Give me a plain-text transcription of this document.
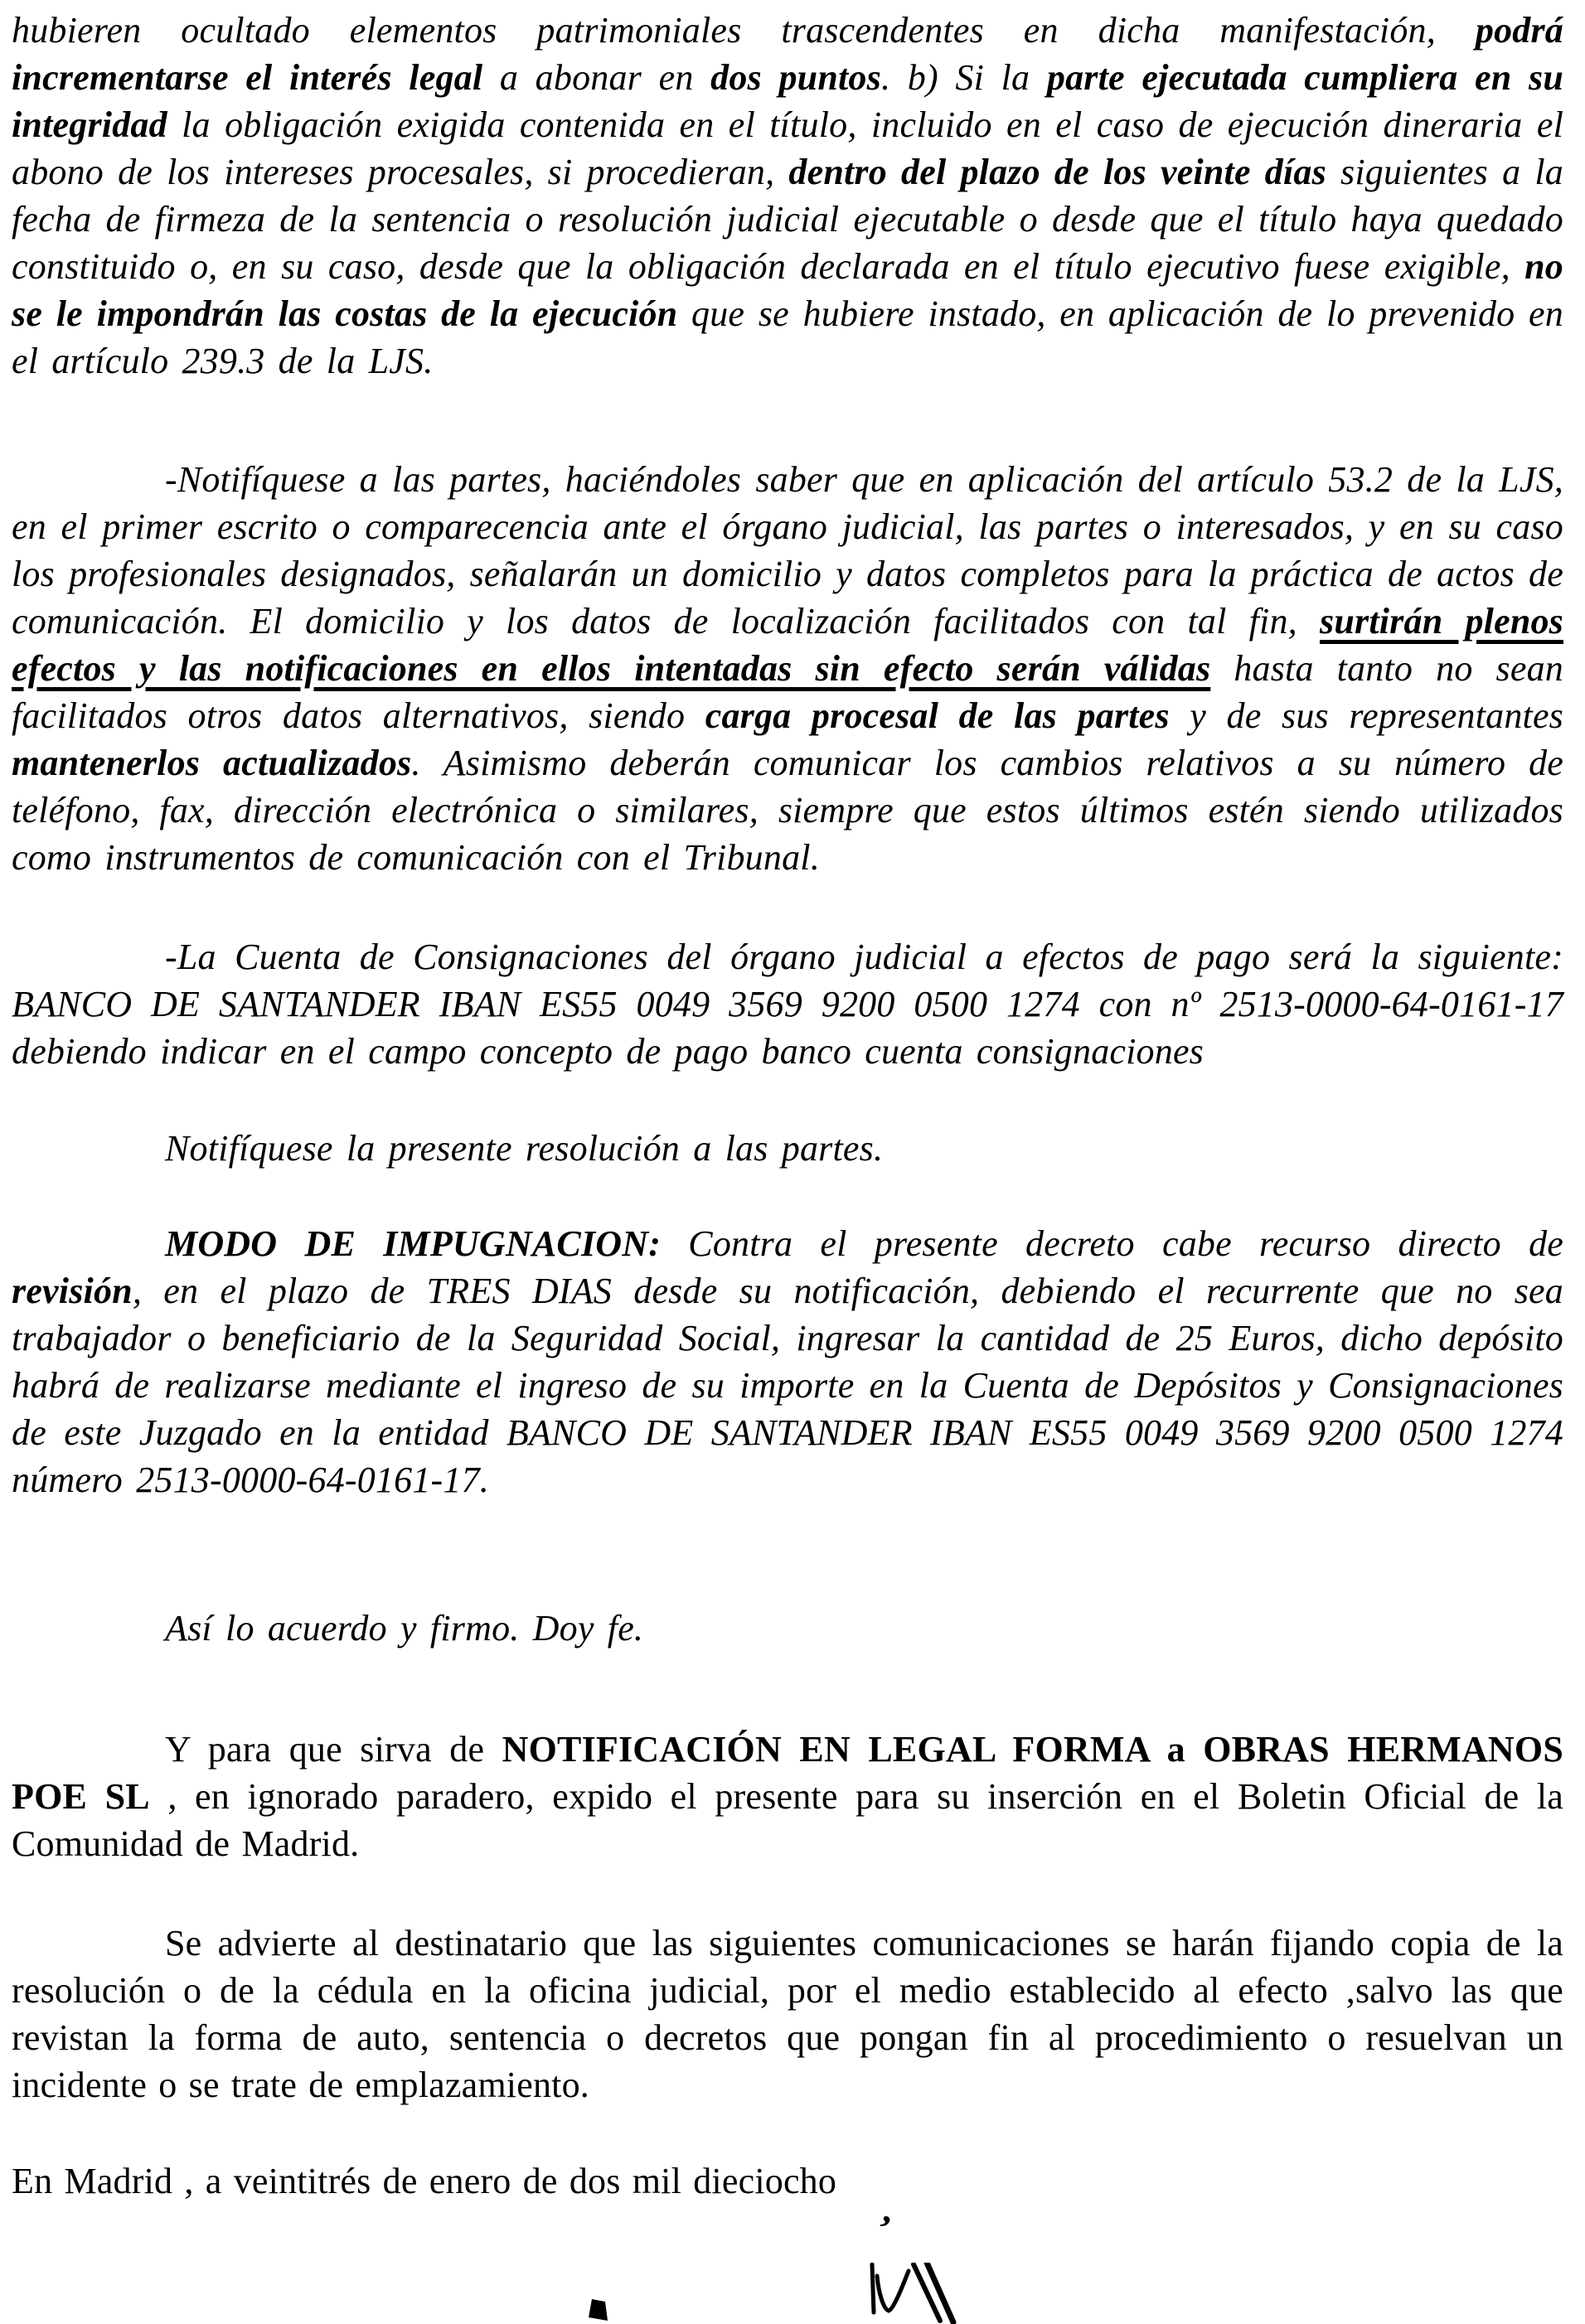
hubieren ocultado elementos patrimoniales trascendentes en dicha manifestación, podrá incrementarse el interés legal a abonar en dos puntos. b) Si la parte ejecutada cumpliera en su integridad la obligación exigida contenida en el título, incluido en el caso de ejecución dineraria el abono de los intereses procesales, si procedieran, dentro del plazo de los veinte días siguientes a la fecha de firmeza de la sentencia o resolución judicial ejecutable o desde que el título haya quedado constituido o, en su caso, desde que la obligación declarada en el título ejecutivo fuese exigible, no se le impondrán las costas de la ejecución que se hubiere instado, en aplicación de lo prevenido en el artículo 239.3 de la LJS.

-Notifíquese a las partes, haciéndoles saber que en aplicación del artículo 53.2 de la LJS, en el primer escrito o comparecencia ante el órgano judicial, las partes o interesados, y en su caso los profesionales designados, señalarán un domicilio y datos completos para la práctica de actos de comunicación. El domicilio y los datos de localización facilitados con tal fin, surtirán plenos efectos y las notificaciones en ellos intentadas sin efecto serán válidas hasta tanto no sean facilitados otros datos alternativos, siendo carga procesal de las partes y de sus representantes mantenerlos actualizados. Asimismo deberán comunicar los cambios relativos a su número de teléfono, fax, dirección electrónica o similares, siempre que estos últimos estén siendo utilizados como instrumentos de comunicación con el Tribunal.

-La Cuenta de Consignaciones del órgano judicial a efectos de pago será la siguiente: BANCO DE SANTANDER IBAN ES55 0049 3569 9200 0500 1274 con nº 2513-0000-64-0161-17 debiendo indicar en el campo concepto de pago banco cuenta consignaciones

Notifíquese la presente resolución a las partes.

MODO DE IMPUGNACION: Contra el presente decreto cabe recurso directo de revisión, en el plazo de TRES DIAS desde su notificación, debiendo el recurrente que no sea trabajador o beneficiario de la Seguridad Social, ingresar la cantidad de 25 Euros, dicho depósito habrá de realizarse mediante el ingreso de su importe en la Cuenta de Depósitos y Consignaciones de este Juzgado en la entidad BANCO DE SANTANDER IBAN ES55 0049 3569 9200 0500 1274 número 2513-0000-64-0161-17.

Así lo acuerdo y firmo. Doy fe.

Y para que sirva de NOTIFICACIÓN EN LEGAL FORMA a OBRAS HERMANOS POE SL , en ignorado paradero, expido el presente para su inserción en el Boletin Oficial de la Comunidad de Madrid.

Se advierte al destinatario que las siguientes comunicaciones se harán fijando copia de la resolución o de la cédula en la oficina judicial, por el medio establecido al efecto ,salvo las que revistan la forma de auto, sentencia o decretos que pongan fin al procedimiento o resuelvan un incidente o se trate de emplazamiento.

En Madrid , a veintitrés de enero de dos mil dieciocho

’
